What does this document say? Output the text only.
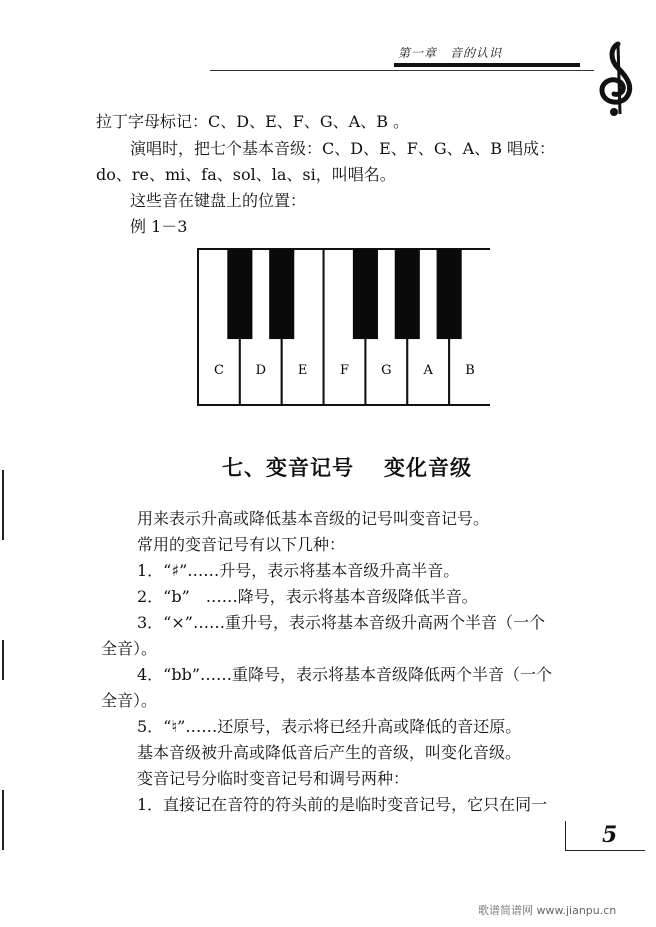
第一章　音的认识
拉丁字母标记：C、D、E、F、G、A、B 。
演唱时，把七个基本音级：C、D、E、F、G、A、B 唱成：
do、re、mi、fa、sol、la、si，叫唱名。
这些音在键盘上的位置：
例 1－3
C D E	F G A B
七、变音记号 变化音级
用来表示升高或降低基本音级的记号叫变音记号。
常用的变音记号有以下几种：
1．“♯”……升号，表示将基本音级升高半音。
2．“b”　……降号，表示将基本音级降低半音。
3．“×”……重升号，表示将基本音级升高两个半音（一个
全音）。
4．“bb”……重降号，表示将基本音级降低两个半音（一个
全音）。
5．“♮”……还原号，表示将已经升高或降低的音还原。
基本音级被升高或降低音后产生的音级，叫变化音级。
变音记号分临时变音记号和调号两种：
1．直接记在音符的符头前的是临时变音记号，它只在同一
5
歌谱简谱网 www.jianpu.cn
